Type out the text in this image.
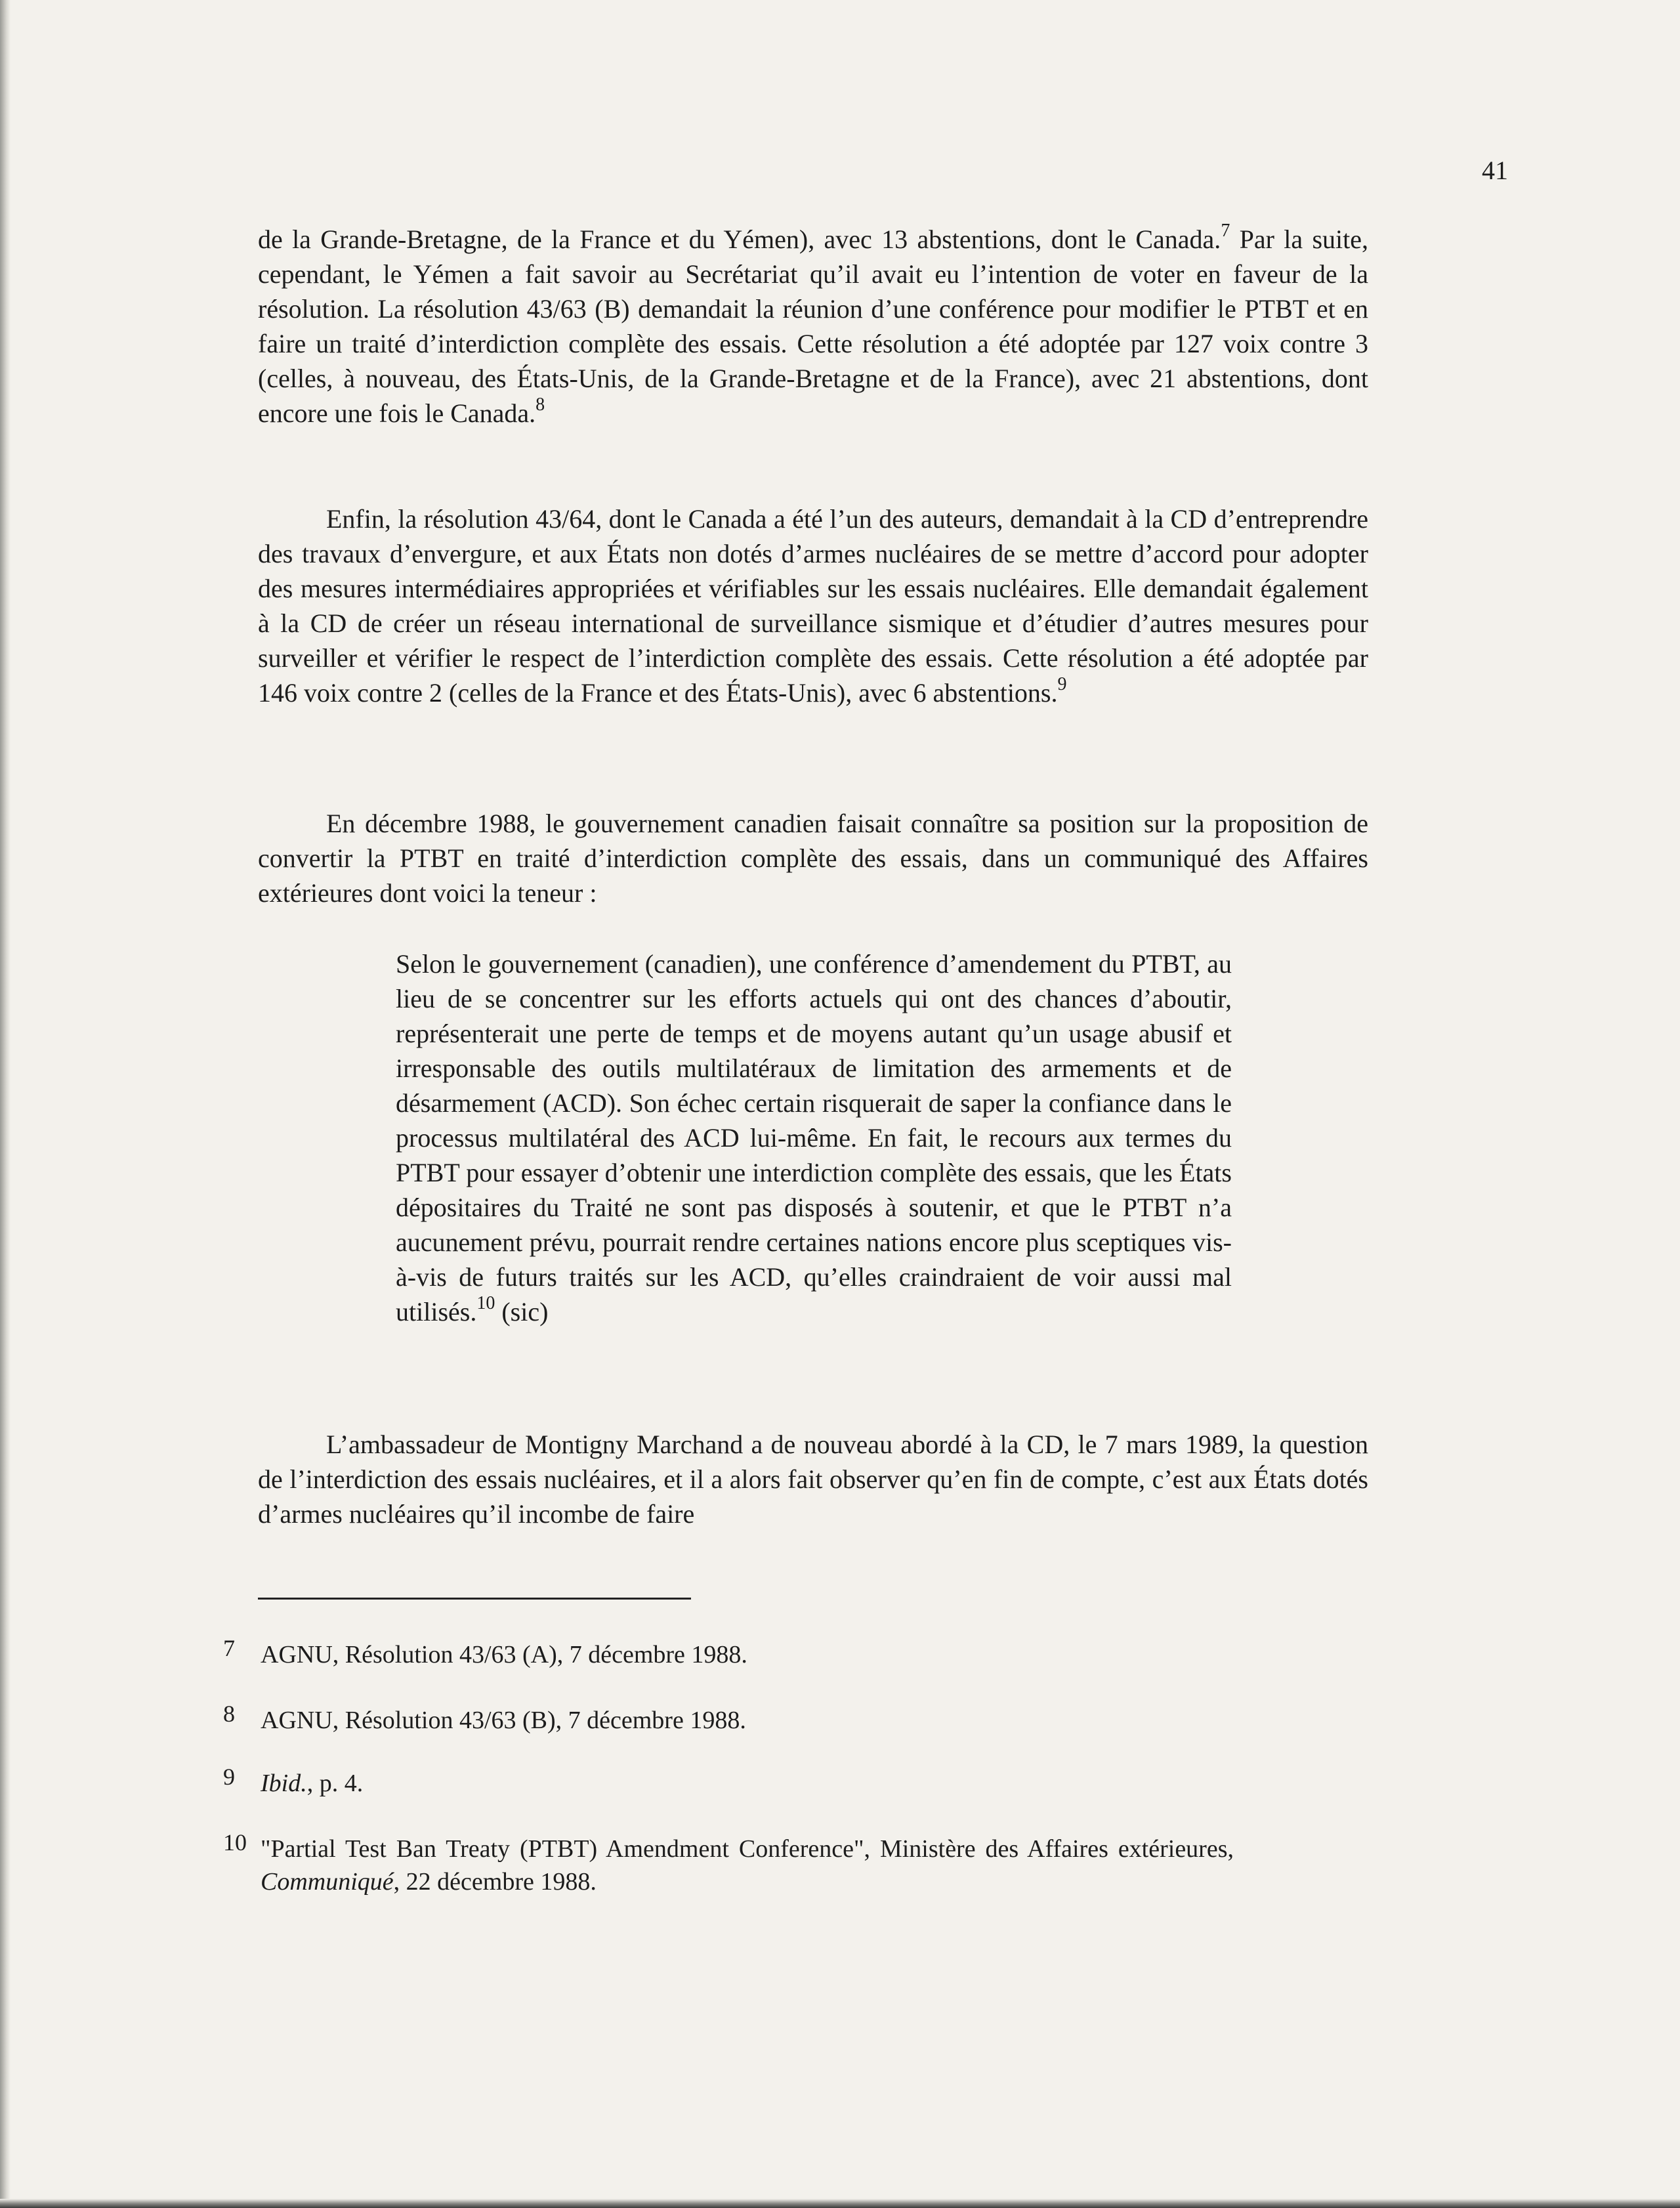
41

de la Grande-Bretagne, de la France et du Yémen), avec 13 abstentions, dont le Canada.$^7$ Par la suite, cependant, le Yémen a fait savoir au Secrétariat qu’il avait eu l’intention de voter en faveur de la résolution. La résolution 43/63 (B) demandait la réunion d’une conférence pour modifier le PTBT et en faire un traité d’interdiction complète des essais. Cette résolution a été adoptée par 127 voix contre 3 (celles, à nouveau, des États-Unis, de la Grande-Bretagne et de la France), avec 21 abstentions, dont encore une fois le Canada.$^8$

Enfin, la résolution 43/64, dont le Canada a été l’un des auteurs, demandait à la CD d’entreprendre des travaux d’envergure, et aux États non dotés d’armes nucléaires de se mettre d’accord pour adopter des mesures intermédiaires appropriées et vérifiables sur les essais nucléaires. Elle demandait également à la CD de créer un réseau international de surveillance sismique et d’étudier d’autres mesures pour surveiller et vérifier le respect de l’interdiction complète des essais. Cette résolution a été adoptée par 146 voix contre 2 (celles de la France et des États-Unis), avec 6 abstentions.$^9$

En décembre 1988, le gouvernement canadien faisait connaître sa position sur la proposition de convertir la PTBT en traité d’interdiction complète des essais, dans un communiqué des Affaires extérieures dont voici la teneur :

Selon le gouvernement (canadien), une conférence d’amendement du PTBT, au lieu de se concentrer sur les efforts actuels qui ont des chances d’aboutir, représenterait une perte de temps et de moyens autant qu’un usage abusif et irresponsable des outils multilatéraux de limitation des armements et de désarmement (ACD). Son échec certain risquerait de saper la confiance dans le processus multilatéral des ACD lui-même. En fait, le recours aux termes du PTBT pour essayer d’obtenir une interdiction complète des essais, que les États dépositaires du Traité ne sont pas disposés à soutenir, et que le PTBT n’a aucunement prévu, pourrait rendre certaines nations encore plus sceptiques vis-à-vis de futurs traités sur les ACD, qu’elles craindraient de voir aussi mal utilisés.$^{10}$ (sic)

L’ambassadeur de Montigny Marchand a de nouveau abordé à la CD, le 7 mars 1989, la question de l’interdiction des essais nucléaires, et il a alors fait observer qu’en fin de compte, c’est aux États dotés d’armes nucléaires qu’il incombe de faire

7 AGNU, Résolution 43/63 (A), 7 décembre 1988.
8 AGNU, Résolution 43/63 (B), 7 décembre 1988.
9 Ibid., p. 4.
10 "Partial Test Ban Treaty (PTBT) Amendment Conference", Ministère des Affaires extérieures, Communiqué, 22 décembre 1988.
